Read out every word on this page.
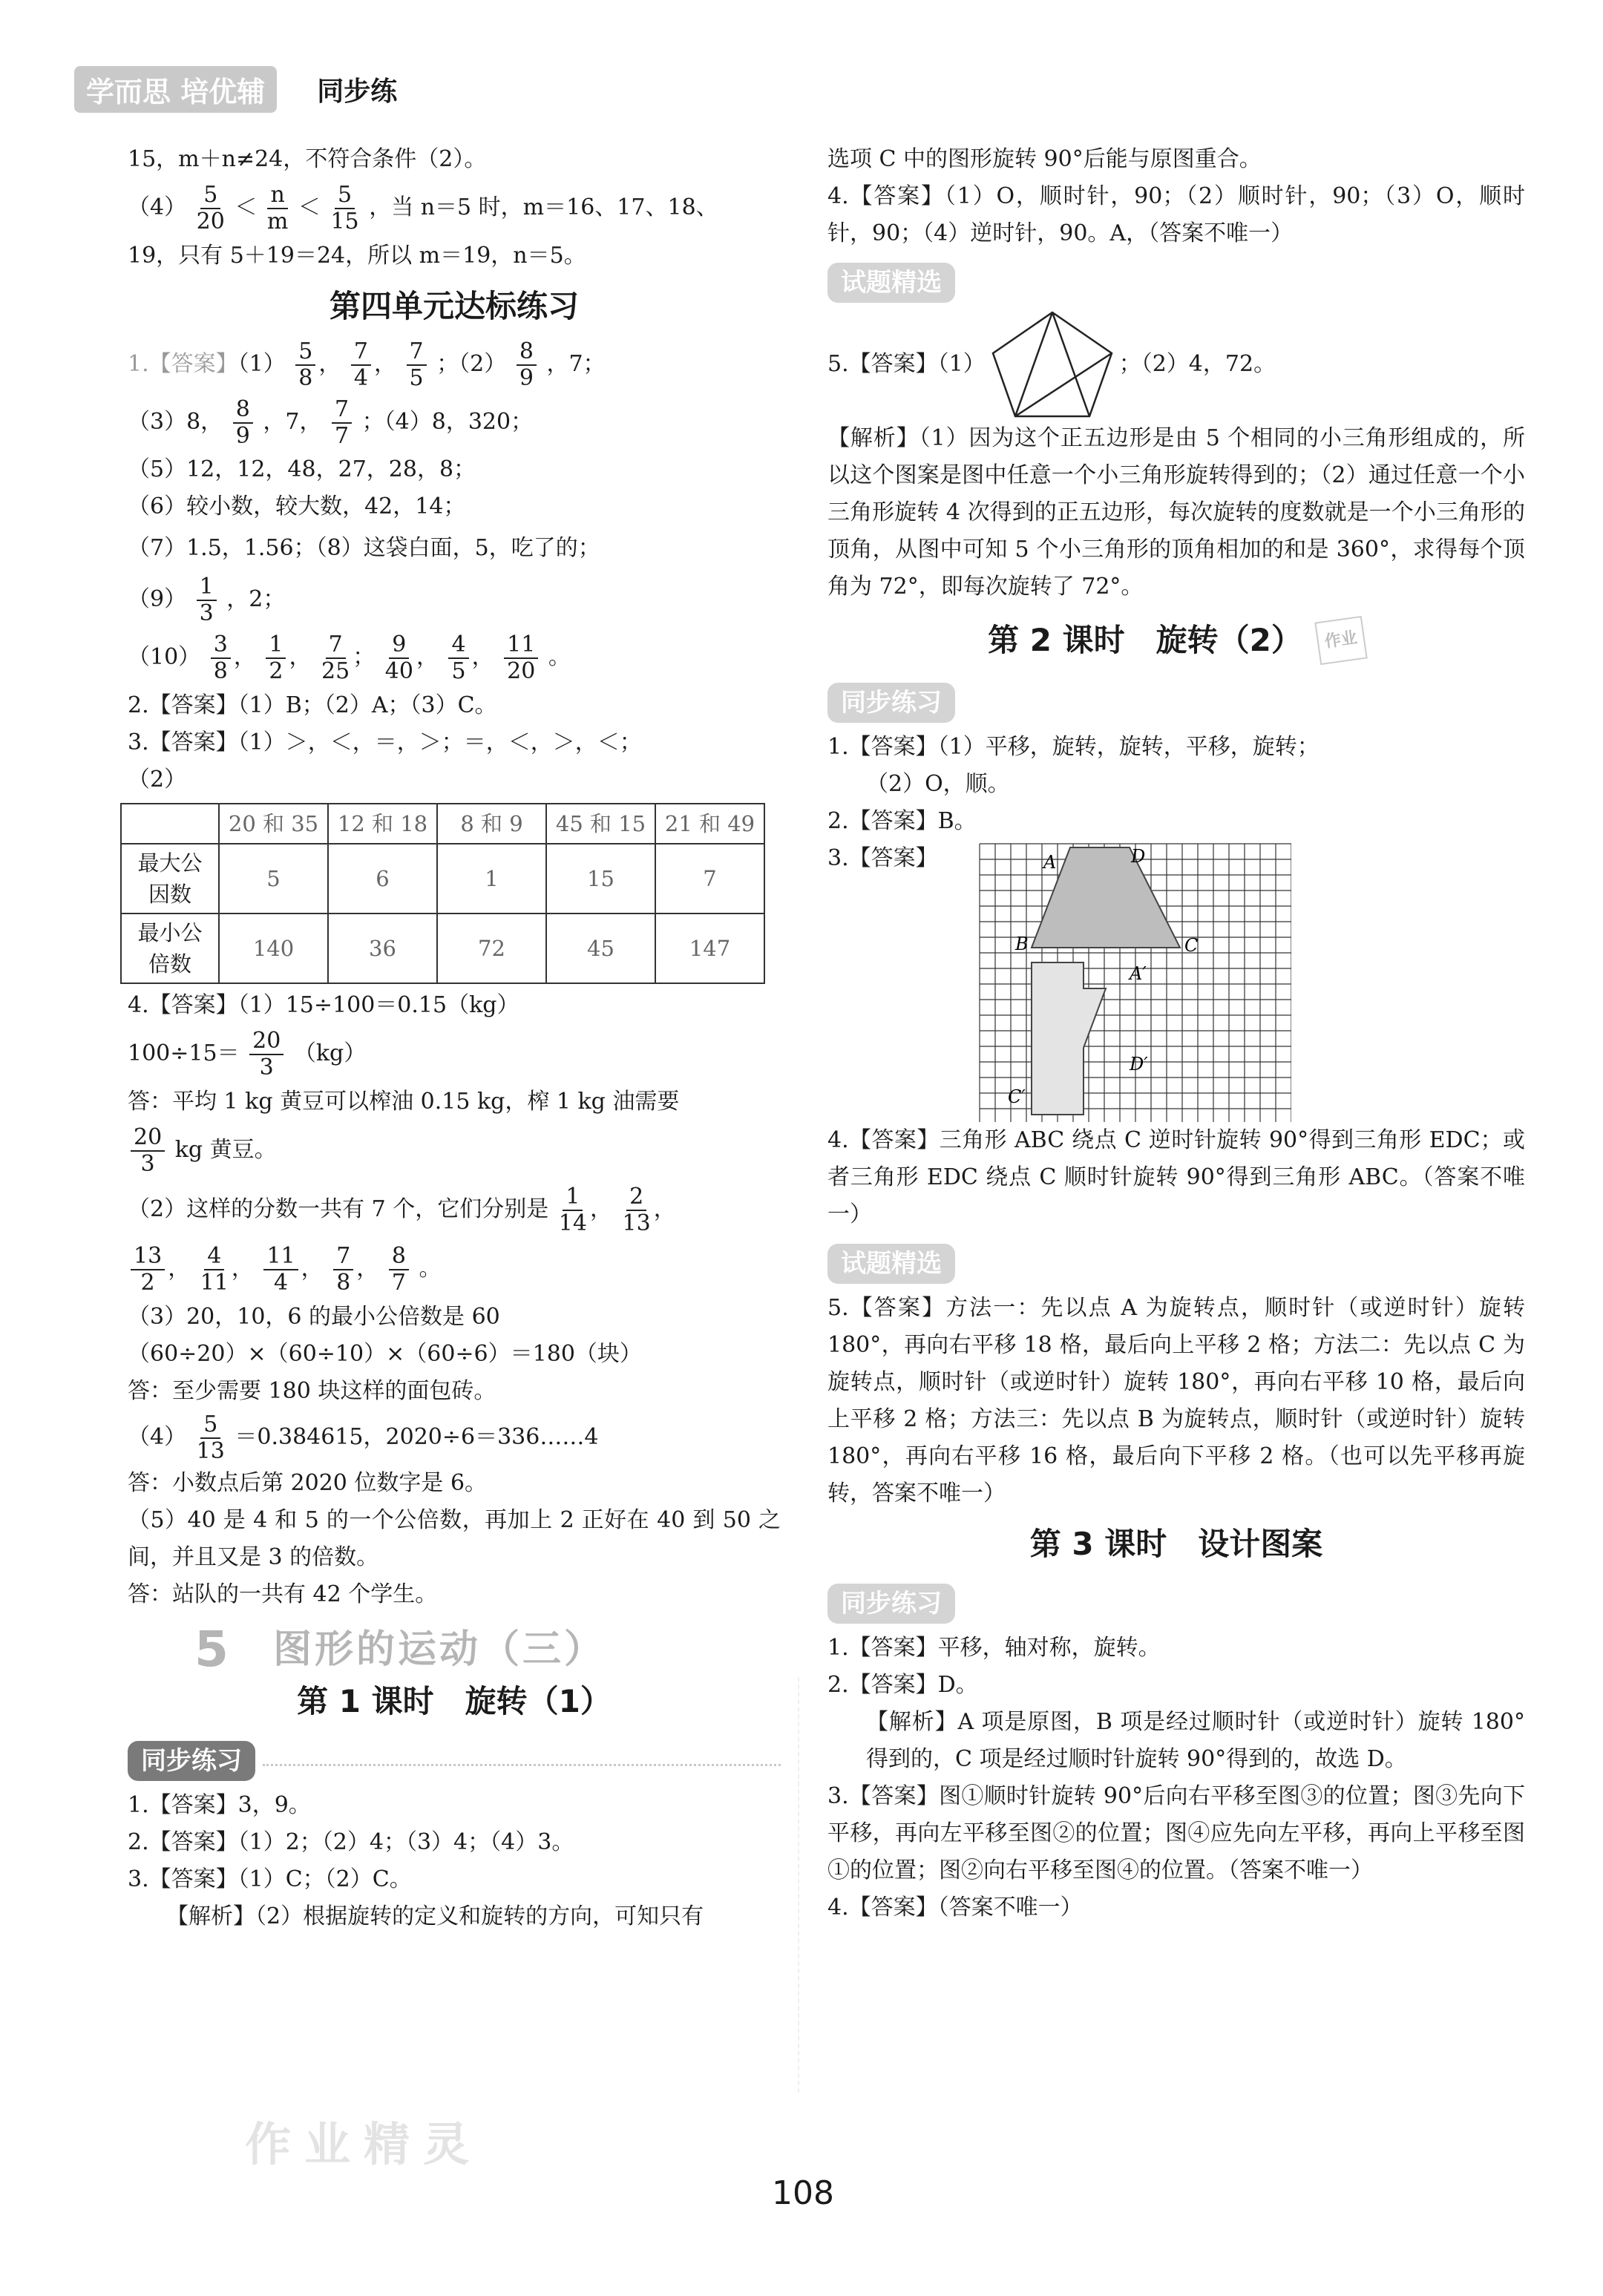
学而思 培优辅	同步练
15，m＋n≠24，不符合条件（2）。
$(4) \frac{5}{20} < \frac{n}{m} < \frac{5}{15}$ ，当 n＝5 时，m＝16、17、18、
19，只有 5＋19＝24，所以 m＝19，n＝5。
第四单元达标练习
1.【答案】$(1) \frac{5}{8}$ ， $\frac{7}{4}$ ， $\frac{7}{5}$ ；$(2) \frac{8}{9}$ ，7；
（3）8， $\frac{8}{9}$ ，7， $\frac{7}{7}$ ；（4）8，320；
（5）12，12，48，27，28，8；
（6）较小数，较大数，42，14；
（7）1.5，1.56；（8）这袋白面，5，吃了的；
$(9) \frac{1}{3}$ ，2；
$(10) \frac{3}{8}$ ， $\frac{1}{2}$ ， $\frac{7}{25}$ ； $\frac{9}{40}$ ， $\frac{4}{5}$ ， $\frac{11}{20}$ 。
2.【答案】（1）B；（2）A；（3）C。
3.【答案】（1）＞，＜，＝，＞；＝，＜，＞，＜；
（2）
	20 和 35	12 和 18	8 和 9	45 和 15	21 和 49
最大公因数	5	6	1	15	7
最小公倍数	140	36	72	45	147
4.【答案】（1）15÷100＝0.15（kg）
$100\div 15= \frac{20}{3} (kg)$
答：平均 1 kg 黄豆可以榨油 0.15 kg，榨 1 kg 油需要
$\frac{20}{3}$ kg 黄豆。
（2）这样的分数一共有 7 个，它们分别是 $\frac{1}{14}$ ， $\frac{2}{13}$ ，
$\frac{13}{2}$ ， $\frac{4}{11}$ ， $\frac{11}{4}$ ， $\frac{7}{8}$ ， $\frac{8}{7}$ 。
（3）20，10，6 的最小公倍数是 60
（60÷20）×（60÷10）×（60÷6）＝180（块）
答：至少需要 180 块这样的面包砖。
$(4) \frac{5}{13} =0.384615$，2020÷6＝336……4
答：小数点后第 2020 位数字是 6。
（5）40 是 4 和 5 的一个公倍数，再加上 2 正好在 40 到 50 之间，并且又是 3 的倍数。
答：站队的一共有 42 个学生。
5 图形的运动（三）
第 1 课时　旋转（1）
同步练习
1.【答案】3，9。
2.【答案】（1）2；（2）4；（3）4；（4）3。
3.【答案】（1）C；（2）C。
【解析】（2）根据旋转的定义和旋转的方向，可知只有
选项 C 中的图形旋转 90°后能与原图重合。
4.【答案】（1）O，顺时针，90；（2）顺时针，90；（3）O，顺时针，90；（4）逆时针，90。A，（答案不唯一）
试题精选
5.【答案】（1）	；（2）4，72。
【解析】（1）因为这个正五边形是由 5 个相同的小三角形组成的，所以这个图案是图中任意一个小三角形旋转得到的；（2）通过任意一个小三角形旋转 4 次得到的正五边形，每次旋转的度数就是一个小三角形的顶角，从图中可知 5 个小三角形的顶角相加的和是 360°，求得每个顶角为 72°，即每次旋转了 72°。
第 2 课时　旋转（2）	作业
同步练习
1.【答案】（1）平移，旋转，旋转，平移，旋转；
（2）O，顺。
2.【答案】B。
3.【答案】	A	D
B	C
A′
D′
C′
4.【答案】三角形 ABC 绕点 C 逆时针旋转 90°得到三角形 EDC；或者三角形 EDC 绕点 C 顺时针旋转 90°得到三角形 ABC。（答案不唯一）
试题精选
5.【答案】方法一：先以点 A 为旋转点，顺时针（或逆时针）旋转 180°，再向右平移 18 格，最后向上平移 2 格；方法二：先以点 C 为旋转点，顺时针（或逆时针）旋转 180°，再向右平移 10 格，最后向上平移 2 格；方法三：先以点 B 为旋转点，顺时针（或逆时针）旋转 180°，再向右平移 16 格，最后向下平移 2 格。（也可以先平移再旋转，答案不唯一）
第 3 课时　设计图案
同步练习
1.【答案】平移，轴对称，旋转。
2.【答案】D。
【解析】A 项是原图，B 项是经过顺时针（或逆时针）旋转 180°得到的，C 项是经过顺时针旋转 90°得到的，故选 D。
3.【答案】图①顺时针旋转 90°后向右平移至图③的位置；图③先向下平移，再向左平移至图②的位置；图④应先向左平移，再向上平移至图①的位置；图②向右平移至图④的位置。（答案不唯一）
4.【答案】（答案不唯一）
作业精灵
108
